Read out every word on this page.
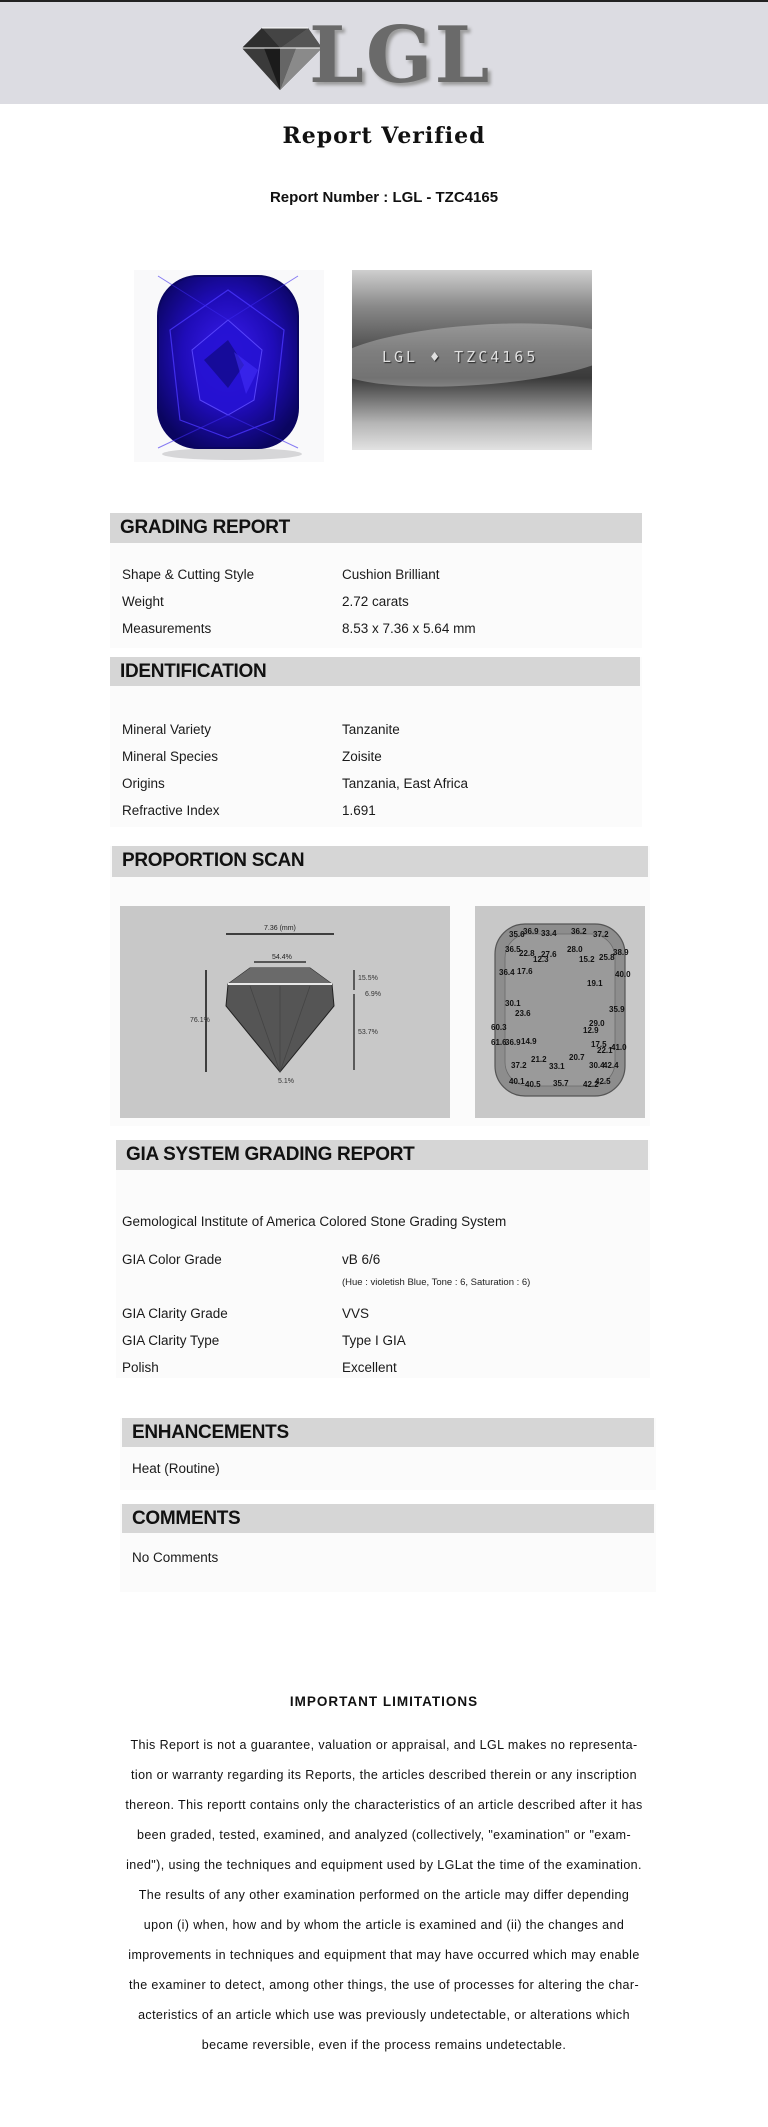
LGL
Report Verified
Report Number : LGL - TZC4165
LGL ♦ TZC4165
GRADING REPORT
Shape & Cutting Style	Cushion Brilliant
Weight	2.72 carats
Measurements	8.53 x 7.36 x 5.64 mm
IDENTIFICATION
Mineral Variety	Tanzanite
Mineral Species	Zoisite
Origins	Tanzania, East Africa
Refractive Index	1.691
PROPORTION SCAN
7.36 (mm)
54.4%
15.5%
6.9%
53.7%
76.1%
5.1%
35.6
36.9 33.4 36.2 37.2
36.5
22.8 27.6
12.3
28.0
15.2 25.8
38.9
36.4 17.6	40.0
19.1
30.1
23.6	35.9
29.0
60.3	12.9
61.6
36.9 14.9	17.5
22.1
41.0
21.2	20.7
37.2	33.1	30.4
42.4
40.1 40.5 35.7 42.2
42.5
GIA SYSTEM GRADING REPORT
Gemological Institute of America Colored Stone Grading System
GIA Color Grade	vB 6/6
(Hue : violetish Blue, Tone : 6, Saturation : 6)
GIA Clarity Grade	VVS
GIA Clarity Type	Type I GIA
Polish	Excellent
ENHANCEMENTS
Heat (Routine)
COMMENTS
No Comments
IMPORTANT LIMITATIONS
This Report is not a guarantee, valuation or appraisal, and LGL makes no representa-
tion or warranty regarding its Reports, the articles described therein or any inscription
thereon. This reportt contains only the characteristics of an article described after it has
been graded, tested, examined, and analyzed (collectively, "examination" or "exam-
ined"), using the techniques and equipment used by LGLat the time of the examination.
The results of any other examination performed on the article may differ depending
upon (i) when, how and by whom the article is examined and (ii) the changes and
improvements in techniques and equipment that may have occurred which may enable
the examiner to detect, among other things, the use of processes for altering the char-
acteristics of an article which use was previously undetectable, or alterations which
became reversible, even if the process remains undetectable.
